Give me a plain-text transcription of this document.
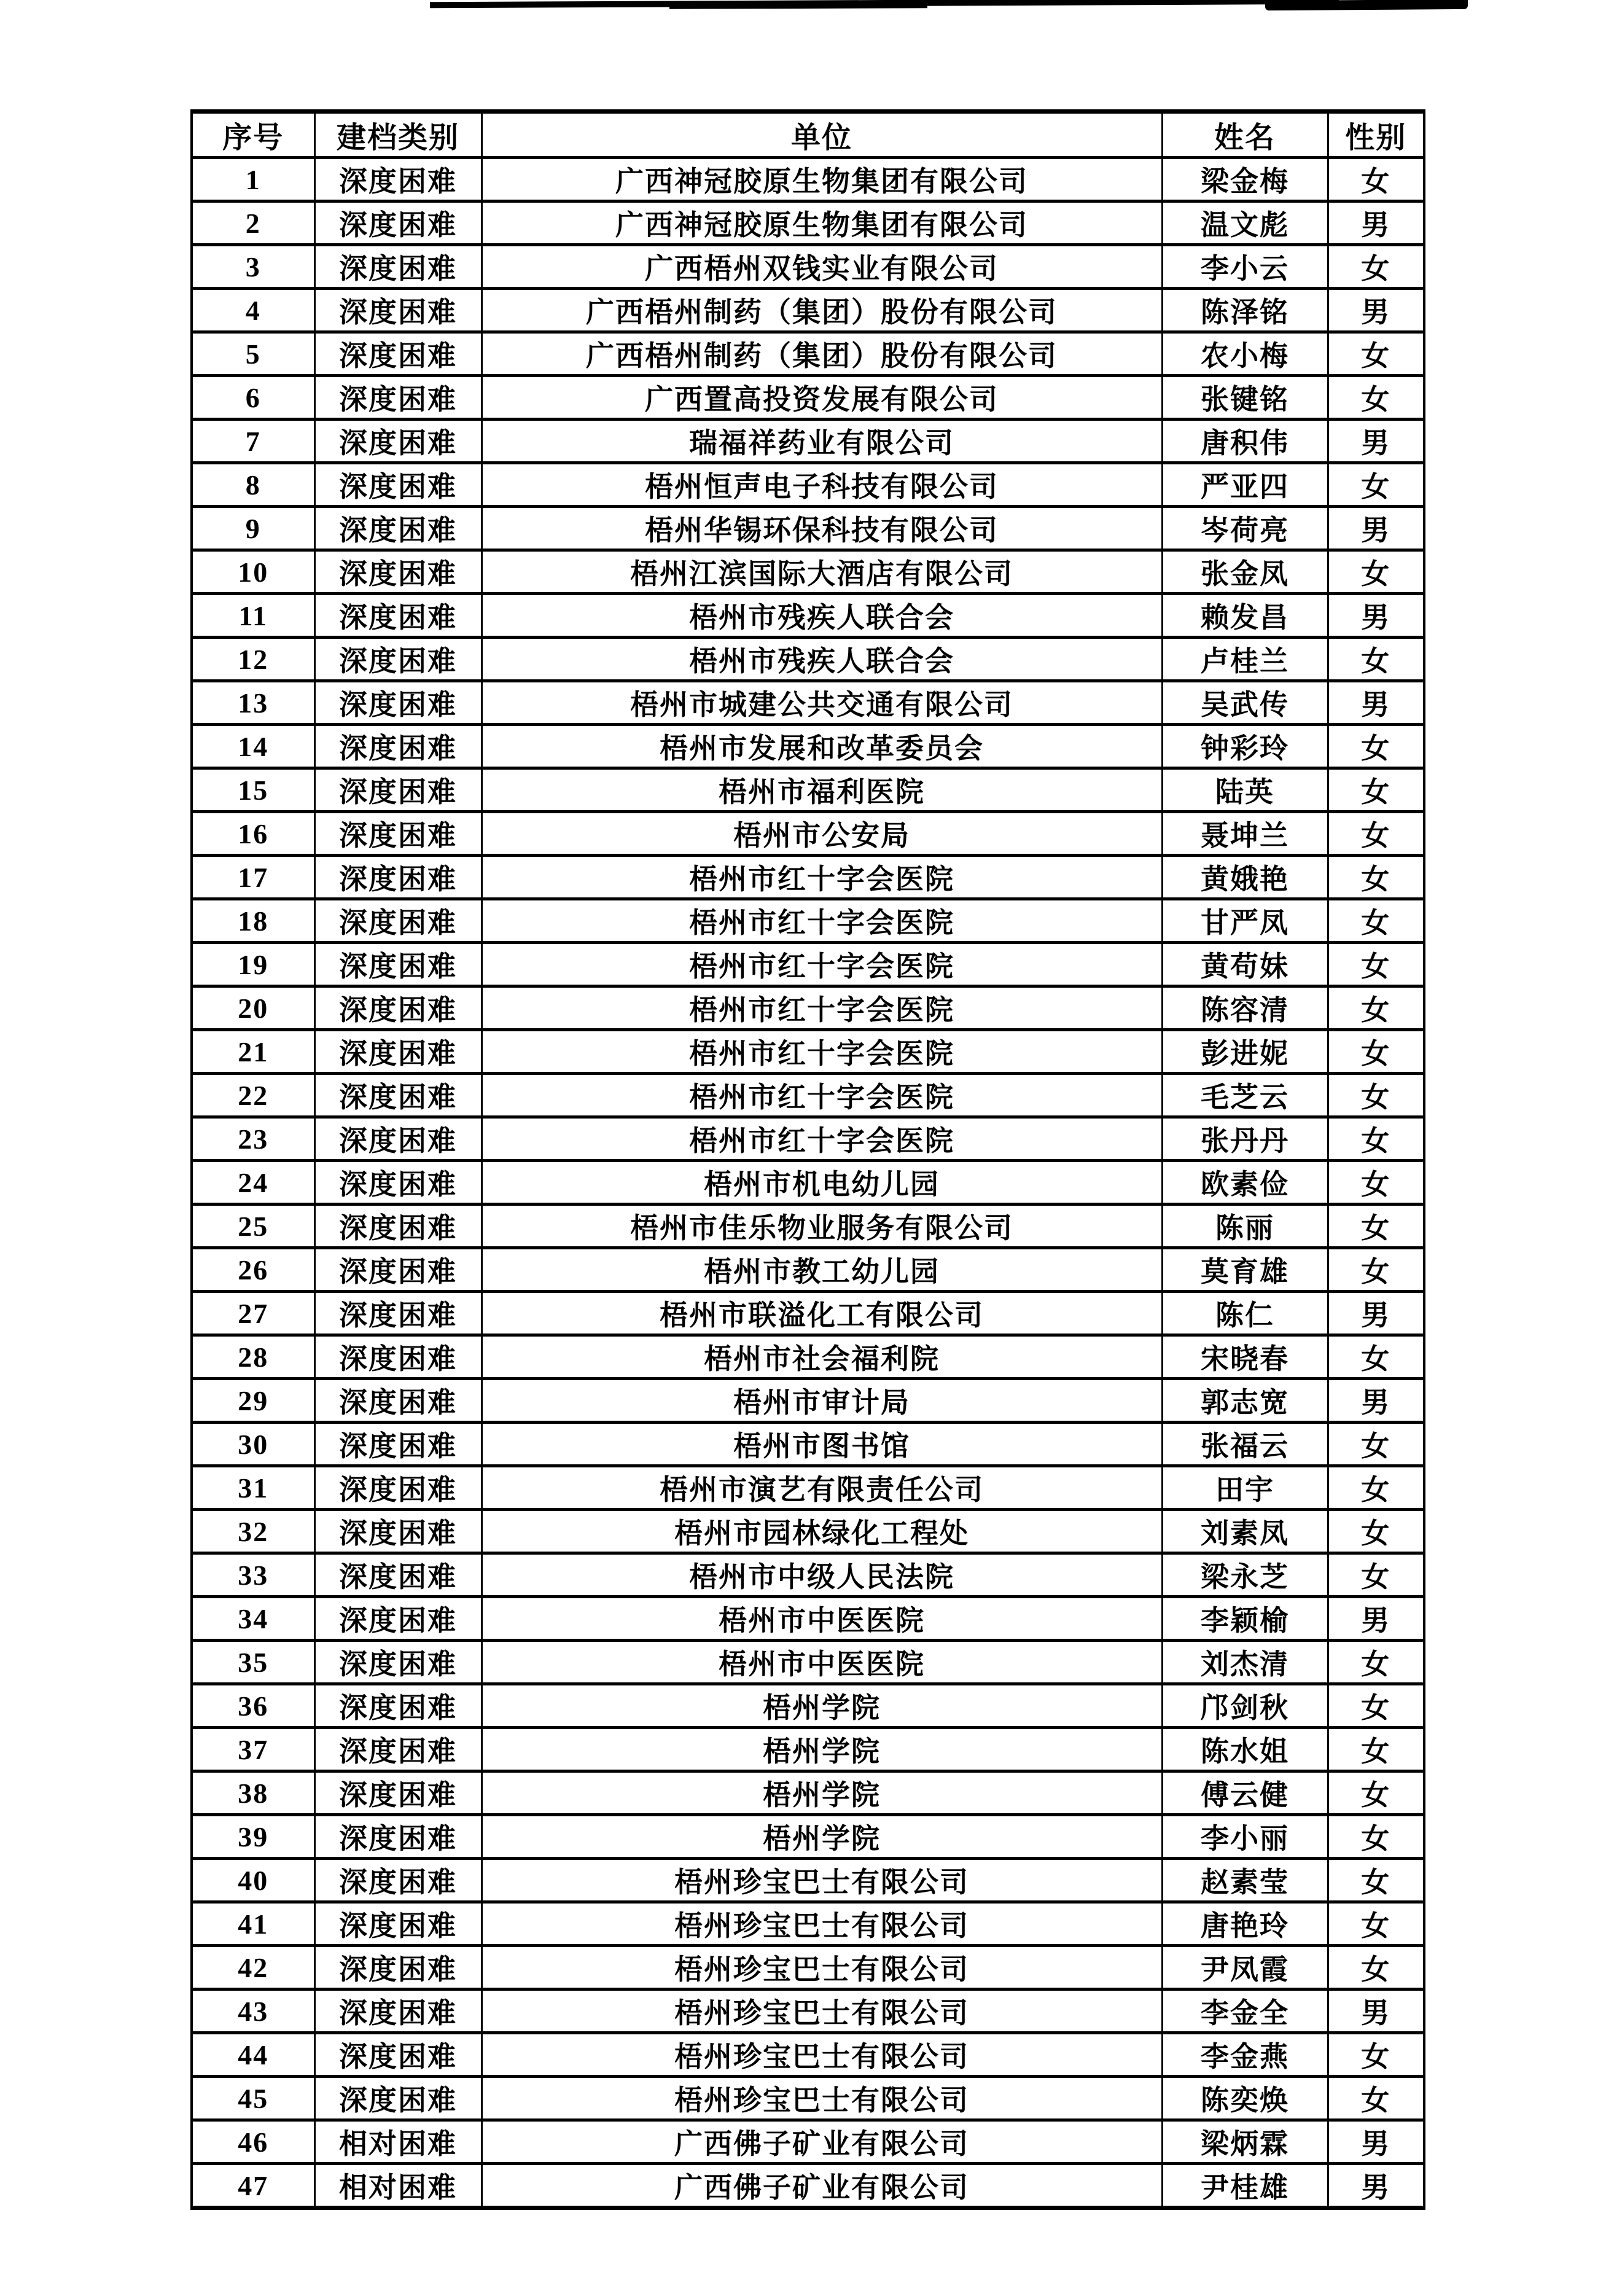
序号	建档类别	单位	姓名	性别
1	深度困难	广西神冠胶原生物集团有限公司	梁金梅	女
2	深度困难	广西神冠胶原生物集团有限公司	温文彪	男
3	深度困难	广西梧州双钱实业有限公司	李小云	女
4	深度困难	广西梧州制药（集团）股份有限公司	陈泽铭	男
5	深度困难	广西梧州制药（集团）股份有限公司	农小梅	女
6	深度困难	广西置高投资发展有限公司	张键铭	女
7	深度困难	瑞福祥药业有限公司	唐积伟	男
8	深度困难	梧州恒声电子科技有限公司	严亚四	女
9	深度困难	梧州华锡环保科技有限公司	岑荷亮	男
10	深度困难	梧州江滨国际大酒店有限公司	张金凤	女
11	深度困难	梧州市残疾人联合会	赖发昌	男
12	深度困难	梧州市残疾人联合会	卢桂兰	女
13	深度困难	梧州市城建公共交通有限公司	吴武传	男
14	深度困难	梧州市发展和改革委员会	钟彩玲	女
15	深度困难	梧州市福利医院	陆英	女
16	深度困难	梧州市公安局	聂坤兰	女
17	深度困难	梧州市红十字会医院	黄娥艳	女
18	深度困难	梧州市红十字会医院	甘严凤	女
19	深度困难	梧州市红十字会医院	黄苟妹	女
20	深度困难	梧州市红十字会医院	陈容清	女
21	深度困难	梧州市红十字会医院	彭进妮	女
22	深度困难	梧州市红十字会医院	毛芝云	女
23	深度困难	梧州市红十字会医院	张丹丹	女
24	深度困难	梧州市机电幼儿园	欧素俭	女
25	深度困难	梧州市佳乐物业服务有限公司	陈丽	女
26	深度困难	梧州市教工幼儿园	莫育雄	女
27	深度困难	梧州市联溢化工有限公司	陈仁	男
28	深度困难	梧州市社会福利院	宋晓春	女
29	深度困难	梧州市审计局	郭志宽	男
30	深度困难	梧州市图书馆	张福云	女
31	深度困难	梧州市演艺有限责任公司	田宇	女
32	深度困难	梧州市园林绿化工程处	刘素凤	女
33	深度困难	梧州市中级人民法院	梁永芝	女
34	深度困难	梧州市中医医院	李颖榆	男
35	深度困难	梧州市中医医院	刘杰清	女
36	深度困难	梧州学院	邝剑秋	女
37	深度困难	梧州学院	陈水姐	女
38	深度困难	梧州学院	傅云健	女
39	深度困难	梧州学院	李小丽	女
40	深度困难	梧州珍宝巴士有限公司	赵素莹	女
41	深度困难	梧州珍宝巴士有限公司	唐艳玲	女
42	深度困难	梧州珍宝巴士有限公司	尹凤霞	女
43	深度困难	梧州珍宝巴士有限公司	李金全	男
44	深度困难	梧州珍宝巴士有限公司	李金燕	女
45	深度困难	梧州珍宝巴士有限公司	陈奕焕	女
46	相对困难	广西佛子矿业有限公司	梁炳霖	男
47	相对困难	广西佛子矿业有限公司	尹桂雄	男
